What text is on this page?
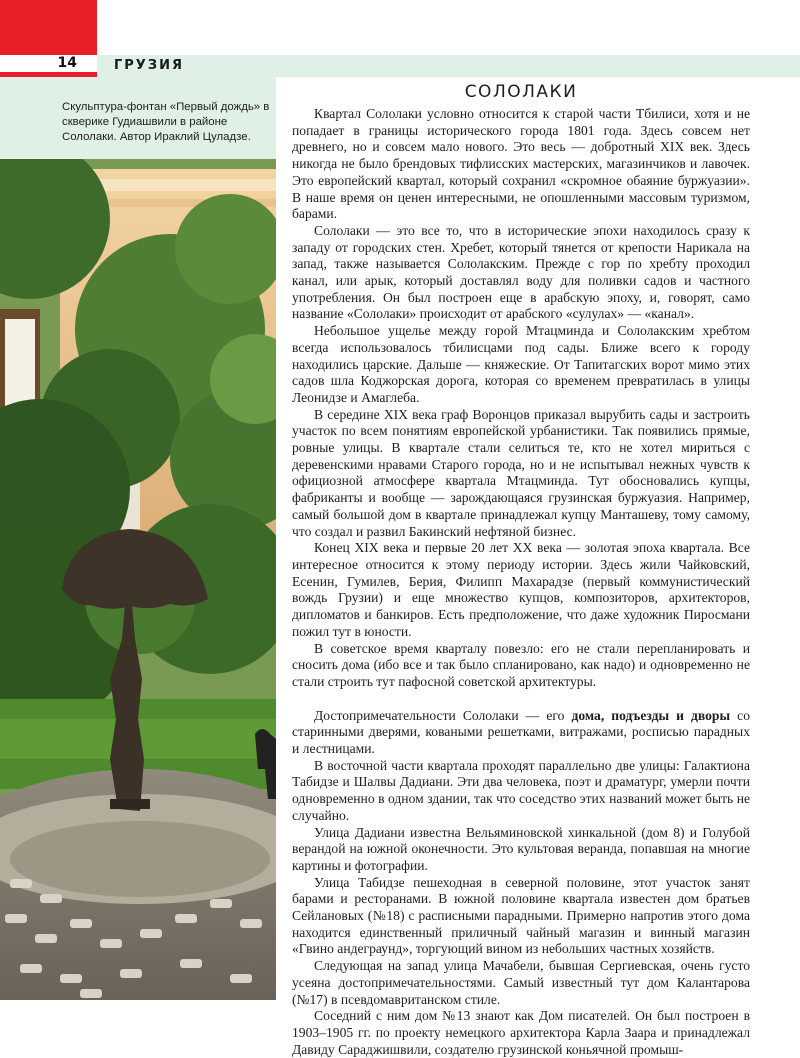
14	ГРУЗИЯ
Скульптура-фонтан «Первый дождь» в скверике Гудиашвили в районе Сололаки. Автор Ираклий Цуладзе.
СОЛОЛАКИ

Квартал Сололаки условно относится к старой части Тбилиси, хотя и не попадает в границы исторического города 1801 года. Здесь совсем нет древнего, но и совсем мало нового. Это весь — добротный XIX век. Здесь никогда не было брендовых тифлисских мастерских, магазинчиков и лавочек. Это европейский квартал, который сохранил «скромное обаяние буржуазии». В наше время он ценен интересными, не опошленными массовым туризмом, барами.

Сололаки — это все то, что в исторические эпохи находилось сразу к западу от городских стен. Хребет, который тянется от крепости Нарикала на запад, также называется Сололакским. Прежде с гор по хребту проходил канал, или арык, который доставлял воду для поливки садов и частного употребления. Он был построен еще в арабскую эпоху, и, говорят, само название «Сололаки» происходит от арабского «сулулах» — «канал».

Небольшое ущелье между горой Мтацминда и Сололакским хребтом всегда использовалось тбилисцами под сады. Ближе всего к городу находились царские. Дальше — княжеские. От Тапитагских ворот мимо этих садов шла Коджорская дорога, которая со временем превратилась в улицы Леонидзе и Амаглеба.

В середине XIX века граф Воронцов приказал вырубить сады и застроить участок по всем понятиям европейской урбанистики. Так появились прямые, ровные улицы. В квартале стали селиться те, кто не хотел мириться с деревенскими нравами Старого города, но и не испытывал нежных чувств к официозной атмосфере квартала Мтацминда. Тут обосновались купцы, фабриканты и вообще — зарождающаяся грузинская буржуазия. Например, самый большой дом в квартале принадлежал купцу Манташеву, тому самому, что создал и развил Бакинский нефтяной бизнес.

Конец XIX века и первые 20 лет XX века — золотая эпоха квартала. Все интересное относится к этому периоду истории. Здесь жили Чайковский, Есенин, Гумилев, Берия, Филипп Махарадзе (первый коммунистический вождь Грузии) и еще множество купцов, композиторов, архитекторов, дипломатов и банкиров. Есть предположение, что даже художник Пиросмани пожил тут в юности.

В советское время кварталу повезло: его не стали перепланировать и сносить дома (ибо все и так было спланировано, как надо) и одновременно не стали строить тут пафосной советской архитектуры.

Достопримечательности Сололаки — его дома, подъезды и дворы со старинными дверями, коваными решетками, витражами, росписью парадных и лестницами.

В восточной части квартала проходят параллельно две улицы: Галактиона Табидзе и Шалвы Дадиани. Эти два человека, поэт и драматург, умерли почти одновременно в одном здании, так что соседство этих названий может быть не случайно.

Улица Дадиани известна Вельяминовской хинкальной (дом 8) и Голубой верандой на южной оконечности. Это культовая веранда, попавшая на многие картины и фотографии.

Улица Табидзе пешеходная в северной половине, этот участок занят барами и ресторанами. В южной половине квартала известен дом братьев Сейлановых (№18) с расписными парадными. Примерно напротив этого дома находится единственный приличный чайный магазин и винный магазин «Гвино андеграунд», торгующий вином из небольших частных хозяйств.

Следующая на запад улица Мачабели, бывшая Сергиевская, очень густо усеяна достопримечательностями. Самый известный тут дом Калантарова (№17) в псевдомавританском стиле.

Соседний с ним дом №13 знают как Дом писателей. Он был построен в 1903–1905 гг. по проекту немецкого архитектора Карла Заара и принадлежал Давиду Сараджишвили, создателю грузинской коньячной промыш-
